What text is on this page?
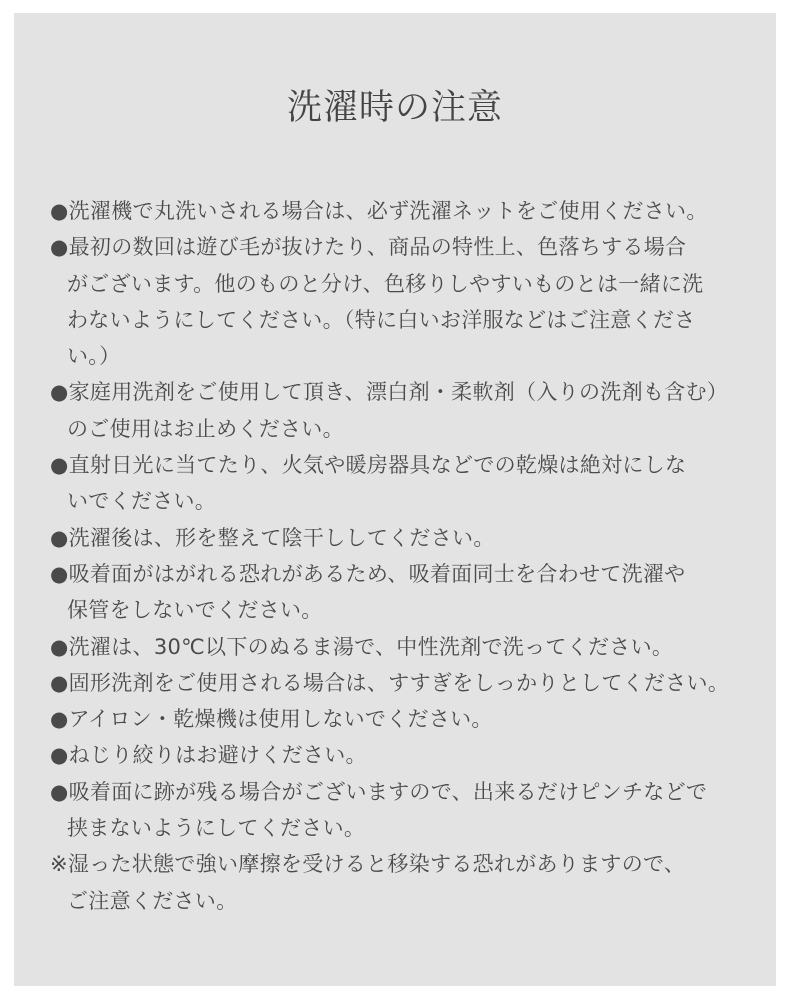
洗濯時の注意
●洗濯機で丸洗いされる場合は、必ず洗濯ネットをご使用ください。
●最初の数回は遊び毛が抜けたり、商品の特性上、色落ちする場合
がございます。他のものと分け、色移りしやすいものとは一緒に洗
わないようにしてください。（特に白いお洋服などはご注意くださ
い。）
●家庭用洗剤をご使用して頂き、漂白剤・柔軟剤（入りの洗剤も含む）
のご使用はお止めください。
●直射日光に当てたり、火気や暖房器具などでの乾燥は絶対にしな
いでください。
●洗濯後は、形を整えて陰干ししてください。
●吸着面がはがれる恐れがあるため、吸着面同士を合わせて洗濯や
保管をしないでください。
●洗濯は、30℃以下のぬるま湯で、中性洗剤で洗ってください。
●固形洗剤をご使用される場合は、すすぎをしっかりとしてください。
●アイロン・乾燥機は使用しないでください。
●ねじり絞りはお避けください。
●吸着面に跡が残る場合がございますので、出来るだけピンチなどで
挟まないようにしてください。
※湿った状態で強い摩擦を受けると移染する恐れがありますので、
ご注意ください。
